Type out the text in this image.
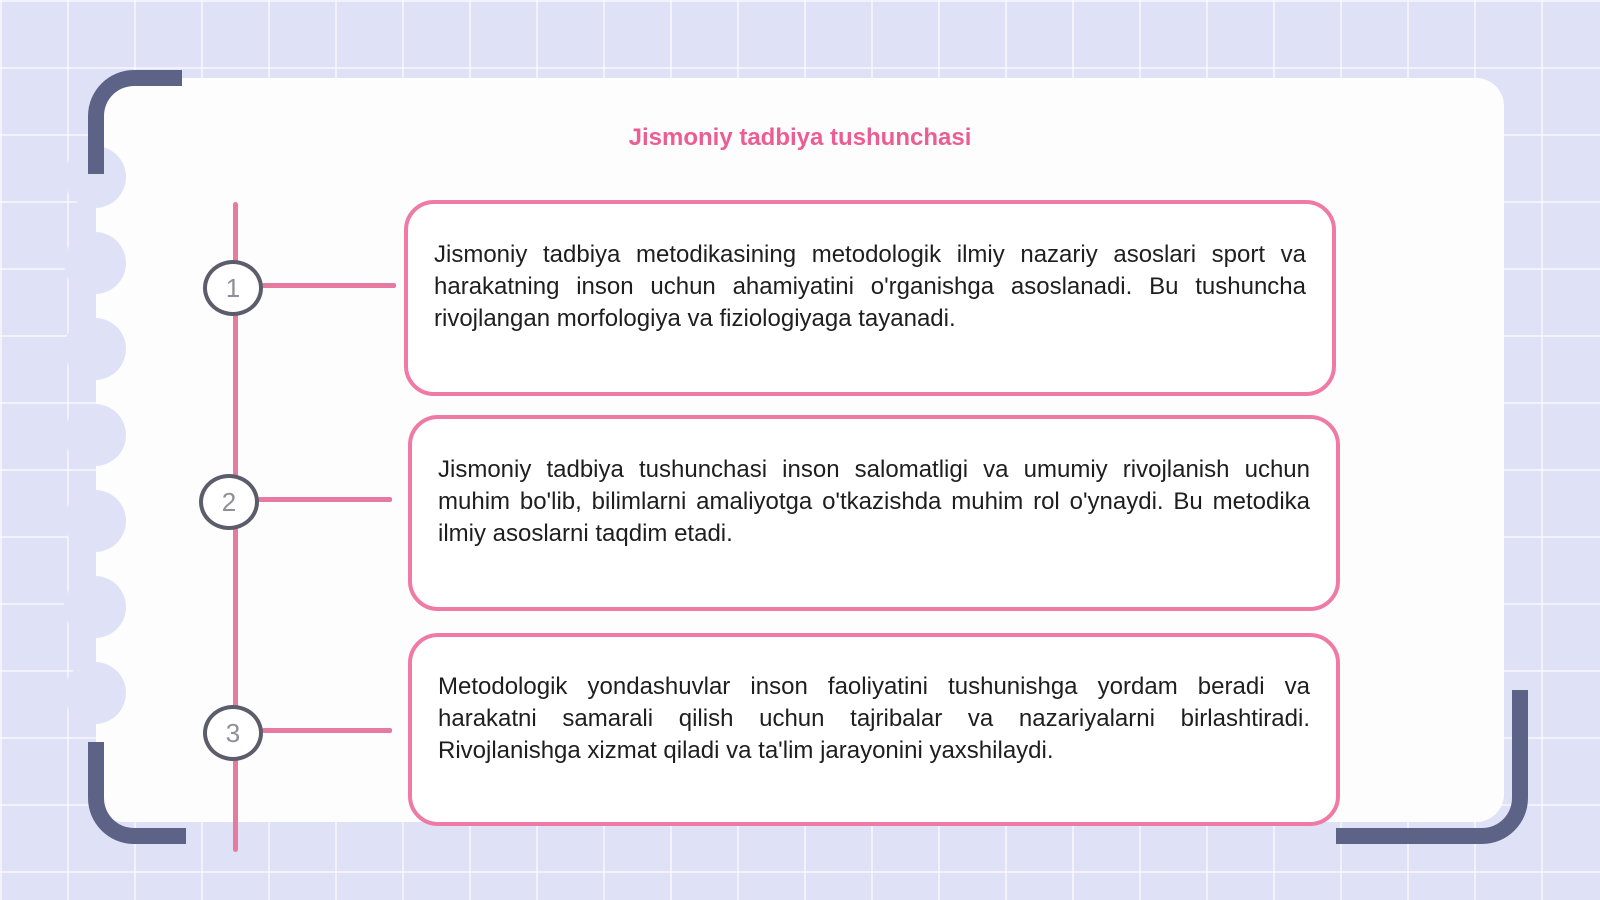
Jismoniy tadbiya tushunchasi
1

Jismoniy tadbiya metodikasining metodologik ilmiy nazariy asoslari sport va harakatning inson uchun ahamiyatini o'rganishga asoslanadi. Bu tushuncha rivojlangan morfologiya va fiziologiyaga tayanadi.

2

Jismoniy tadbiya tushunchasi inson salomatligi va umumiy rivojlanish uchun muhim bo'lib, bilimlarni amaliyotga o'tkazishda muhim rol o'ynaydi. Bu metodika ilmiy asoslarni taqdim etadi.

3

Metodologik yondashuvlar inson faoliyatini tushunishga yordam beradi va harakatni samarali qilish uchun tajribalar va nazariyalarni birlashtiradi. Rivojlanishga xizmat qiladi va ta'lim jarayonini yaxshilaydi.
